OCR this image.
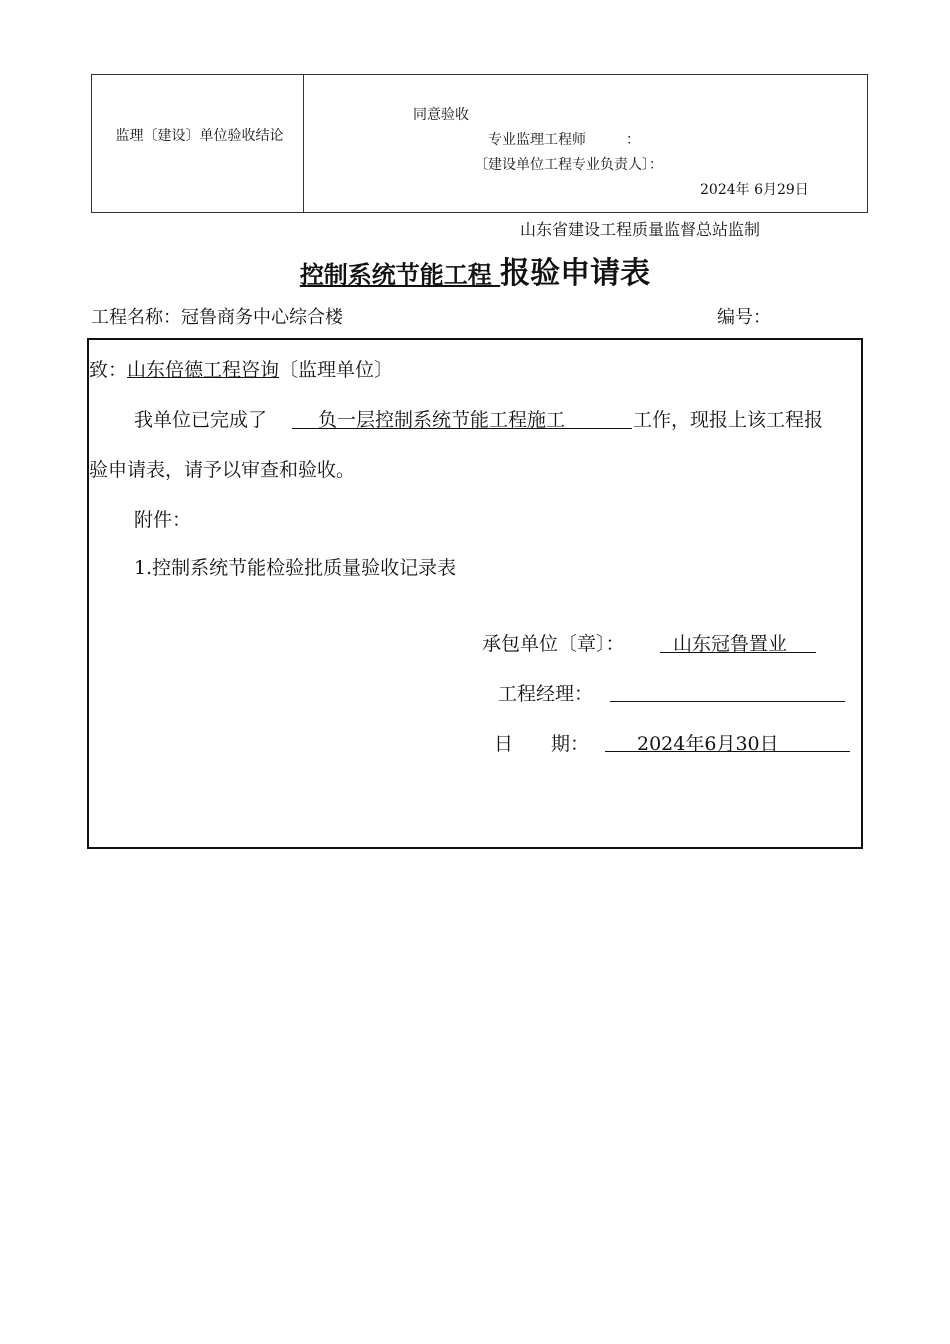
监理〔建设〕单位验收结论
同意验收
专业监理工程师	：
〔建设单位工程专业负责人〕：
2024年 6月29日
山东省建设工程质量监督总站监制
控制系统节能工程 报验申请表
工程名称：冠鲁商务中心综合楼	编号：
致：山东倍德工程咨询〔监理单位〕
我单位已完成了	负一层控制系统节能工程施工	工作，现报上该工程报
验申请表，请予以审查和验收。
附件：
1.控制系统节能检验批质量验收记录表
承包单位〔章〕：	山东冠鲁置业
工程经理：
日　　期：	2024年6月30日
